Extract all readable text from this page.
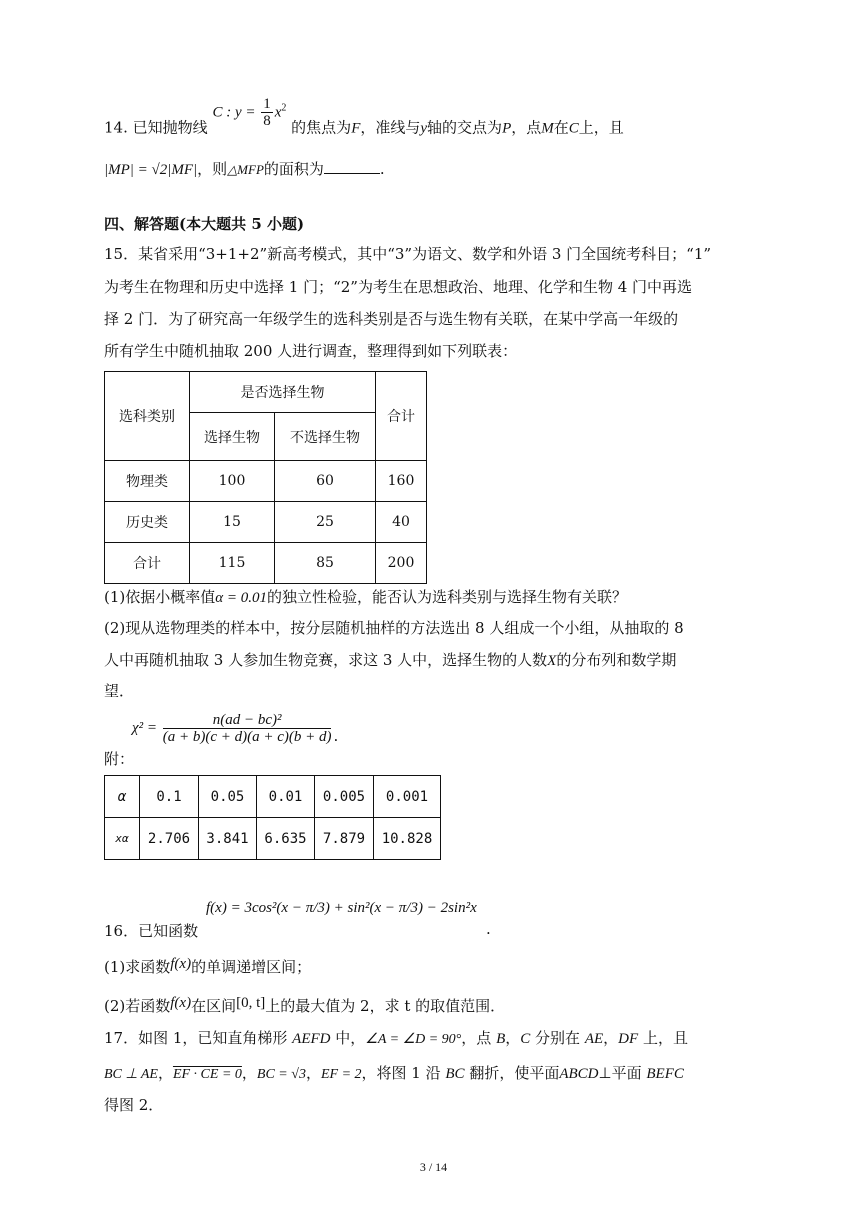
14. 已知抛物线 C : $y = \frac{1}{8} x^2$ 的焦点为F，准线与y轴的交点为P，点M在C上，且
|MP| = √2|MF|，则△MFP的面积为	.
四、解答题(本大题共 5 小题)
15．某省采用“3+1+2”新高考模式，其中“3”为语文、数学和外语 3 门全国统考科目；“1”
为考生在物理和历史中选择 1 门；“2”为考生在思想政治、地理、化学和生物 4 门中再选
择 2 门．为了研究高一年级学生的选科类别是否与选生物有关联，在某中学高一年级的
所有学生中随机抽取 200 人进行调查，整理得到如下列联表：
选科类别	是否选择生物		合计
	选择生物	不选择生物	
物理类	100	60	160
历史类	15	25	40
合计	115	85	200
(1)依据小概率值α = 0.01的独立性检验，能否认为选科类别与选择生物有关联？
(2)现从选物理类的样本中，按分层随机抽样的方法选出 8 人组成一个小组，从抽取的 8
人中再随机抽取 3 人参加生物竞赛，求这 3 人中，选择生物的人数X的分布列和数学期
望．
附：
$\chi^2 = \frac{\text{n(ad − bc)²}}{(a + b)(c + d)(a + c)(b + d)}$ .
α	0.1	0.05	0.01	0.005	0.001
xα	2.706	3.841	6.635	7.879	10.828
16．已知函数
f(x) = 3cos²(x − π/3) + sin²(x − π/3) − 2sin²x
.
(1)求函数f(x)的单调递增区间；
(2)若函数f(x)在区间[0, t]上的最大值为 2，求 t 的取值范围．
17．如图 1，已知直角梯形 AEFD 中，∠A = ∠D = 90°，点 B，C 分别在 AE，DF 上，且
BC ⊥ AE，EF · CE = 0，BC = √3，EF = 2，将图 1 沿 BC 翻折，使平面ABCD⊥平面 BEFC
得图 2．
3 / 14
